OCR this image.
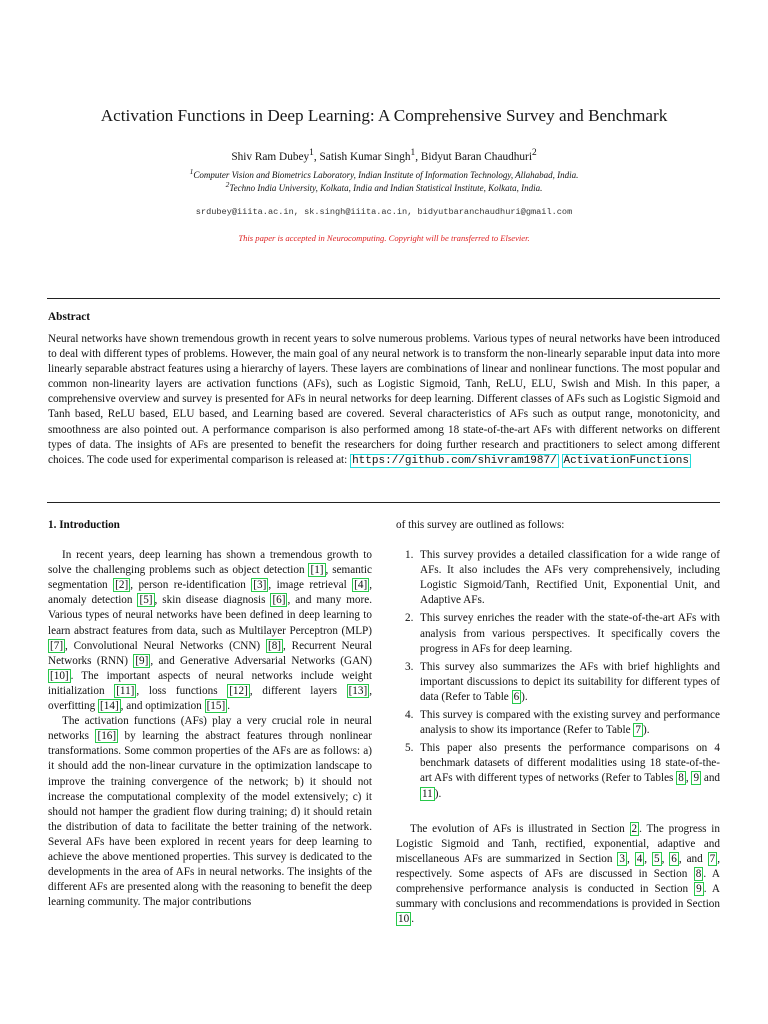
Activation Functions in Deep Learning: A Comprehensive Survey and Benchmark
Shiv Ram Dubey$^1$, Satish Kumar Singh$^1$, Bidyut Baran Chaudhuri$^2$
$^1$Computer Vision and Biometrics Laboratory, Indian Institute of Information Technology, Allahabad, India.
$^2$Techno India University, Kolkata, India and Indian Statistical Institute, Kolkata, India.
srdubey@iiita.ac.in, sk.singh@iiita.ac.in, bidyutbaranchaudhuri@gmail.com
This paper is accepted in Neurocomputing. Copyright will be transferred to Elsevier.
Abstract
Neural networks have shown tremendous growth in recent years to solve numerous problems. Various types of neural networks have been introduced to deal with different types of problems. However, the main goal of any neural network is to transform the non-linearly separable input data into more linearly separable abstract features using a hierarchy of layers. These layers are combinations of linear and nonlinear functions. The most popular and common non-linearity layers are activation functions (AFs), such as Logistic Sigmoid, Tanh, ReLU, ELU, Swish and Mish. In this paper, a comprehensive overview and survey is presented for AFs in neural networks for deep learning. Different classes of AFs such as Logistic Sigmoid and Tanh based, ReLU based, ELU based, and Learning based are covered. Several characteristics of AFs such as output range, monotonicity, and smoothness are also pointed out. A performance comparison is also performed among 18 state-of-the-art AFs with different networks on different types of data. The insights of AFs are presented to benefit the researchers for doing further research and practitioners to select among different choices. The code used for experimental comparison is released at: https://github.com/shivram1987/ ActivationFunctions

1. Introduction

In recent years, deep learning has shown a tremendous growth to solve the challenging problems such as object detection [1] , semantic segmentation [2] , person re-identification [3] , image retrieval [4] , anomaly detection [5] , skin disease diagnosis [6] , and many more. Various types of neural networks have been defined in deep learning to learn abstract features from data, such as Multilayer Perceptron (MLP) [7] , Convolutional Neural Networks (CNN) [8] , Recurrent Neural Networks (RNN) [9] , and Generative Adversarial Networks (GAN) [10] . The important aspects of neural networks include weight initialization [11] , loss functions [12] , different layers [13] , overfitting [14] , and optimization [15] .

The activation functions (AFs) play a very crucial role in neural networks [16] by learning the abstract features through nonlinear transformations. Some common properties of the AFs are as follows: a) it should add the non-linear curvature in the optimization landscape to improve the training convergence of the network; b) it should not increase the computational complexity of the model extensively; c) it should not hamper the gradient flow during training; d) it should retain the distribution of data to facilitate the better training of the network. Several AFs have been explored in recent years for deep learning to achieve the above mentioned properties. This survey is dedicated to the developments in the area of AFs in neural networks. The insights of the different AFs are presented along with the reasoning to benefit the deep learning community. The major contributions

of this survey are outlined as follows:

1. This survey provides a detailed classification for a wide range of AFs. It also includes the AFs very comprehensively, including Logistic Sigmoid/Tanh, Rectified Unit, Exponential Unit, and Adaptive AFs.
2. This survey enriches the reader with the state-of-the-art AFs with analysis from various perspectives. It specifically covers the progress in AFs for deep learning.
3. This survey also summarizes the AFs with brief highlights and important discussions to depict its suitability for different types of data (Refer to Table 6 ).
4. This survey is compared with the existing survey and performance analysis to show its importance (Refer to Table 7 ).
5. This paper also presents the performance comparisons on 4 benchmark datasets of different modalities using 18 state-of-the-art AFs with different types of networks (Refer to Tables 8 , 9 and 11 ).

The evolution of AFs is illustrated in Section 2 . The progress in Logistic Sigmoid and Tanh, rectified, exponential, adaptive and miscellaneous AFs are summarized in Section 3 , 4 , 5 , 6 , and 7 , respectively. Some aspects of AFs are discussed in Section 8 . A comprehensive performance analysis is conducted in Section 9 . A summary with conclusions and recommendations is provided in Section 10 .
